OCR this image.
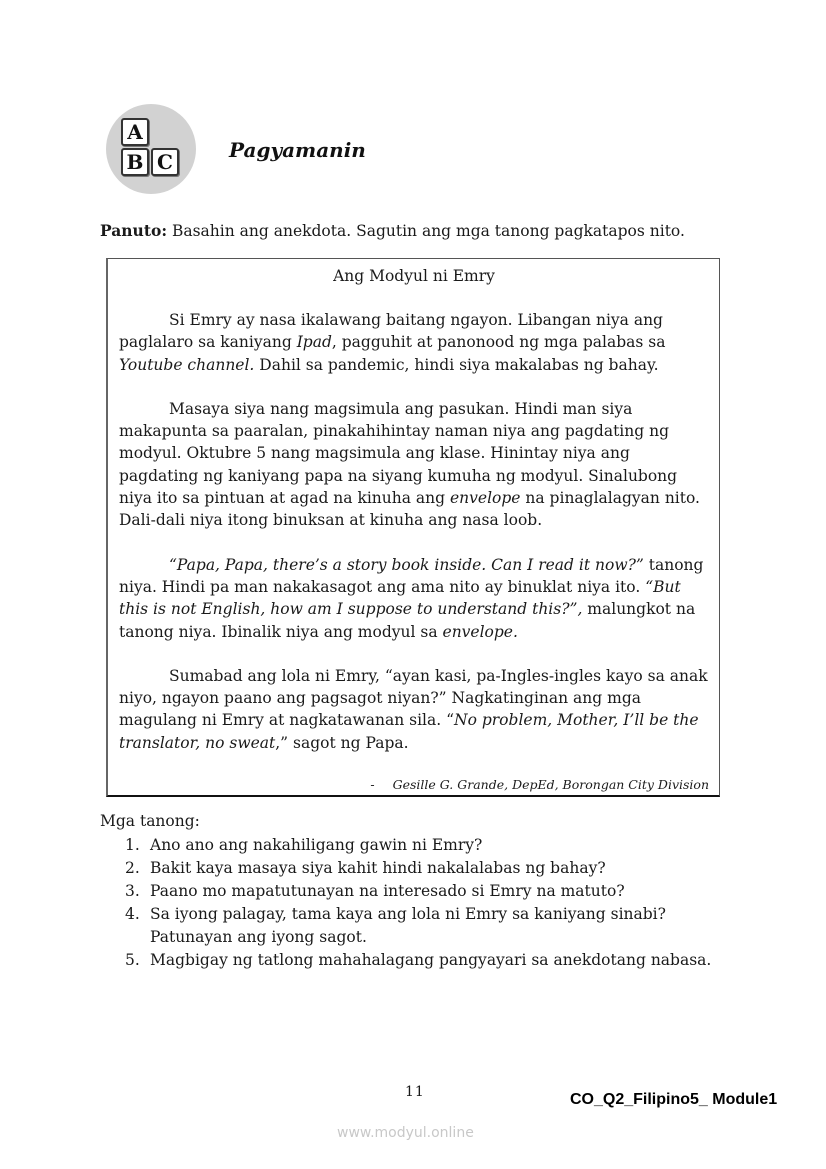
A
B C	Pagyamanin
Panuto: Basahin ang anekdota. Sagutin ang mga tanong pagkatapos nito.
Ang Modyul ni Emry

Si Emry ay nasa ikalawang baitang ngayon. Libangan niya ang paglalaro sa kaniyang Ipad, pagguhit at panonood ng mga palabas sa Youtube channel. Dahil sa pandemic, hindi siya makalabas ng bahay.

Masaya siya nang magsimula ang pasukan. Hindi man siya makapunta sa paaralan, pinakahihintay naman niya ang pagdating ng modyul. Oktubre 5 nang magsimula ang klase. Hinintay niya ang pagdating ng kaniyang papa na siyang kumuha ng modyul. Sinalubong niya ito sa pintuan at agad na kinuha ang envelope na pinaglalagyan nito. Dali-dali niya itong binuksan at kinuha ang nasa loob.

“Papa, Papa, there’s a story book inside. Can I read it now?” tanong niya. Hindi pa man nakakasagot ang ama nito ay binuklat niya ito. “But this is not English, how am I suppose to understand this?”, malungkot na tanong niya. Ibinalik niya ang modyul sa envelope.

Sumabad ang lola ni Emry, “ayan kasi, pa-Ingles-ingles kayo sa anak niyo, ngayon paano ang pagsagot niyan?” Nagkatinginan ang mga magulang ni Emry at nagkatawanan sila. “No problem, Mother, I’ll be the translator, no sweat,” sagot ng Papa.

- Gesille G. Grande, DepEd, Borongan City Division
Mga tanong:
1. Ano ano ang nakahiligang gawin ni Emry?
2. Bakit kaya masaya siya kahit hindi nakalalabas ng bahay?
3. Paano mo mapatutunayan na interesado si Emry na matuto?
4. Sa iyong palagay, tama kaya ang lola ni Emry sa kaniyang sinabi? Patunayan ang iyong sagot.
5. Magbigay ng tatlong mahahalagang pangyayari sa anekdotang nabasa.
11	CO_Q2_Filipino5_ Module1
www.modyul.online
